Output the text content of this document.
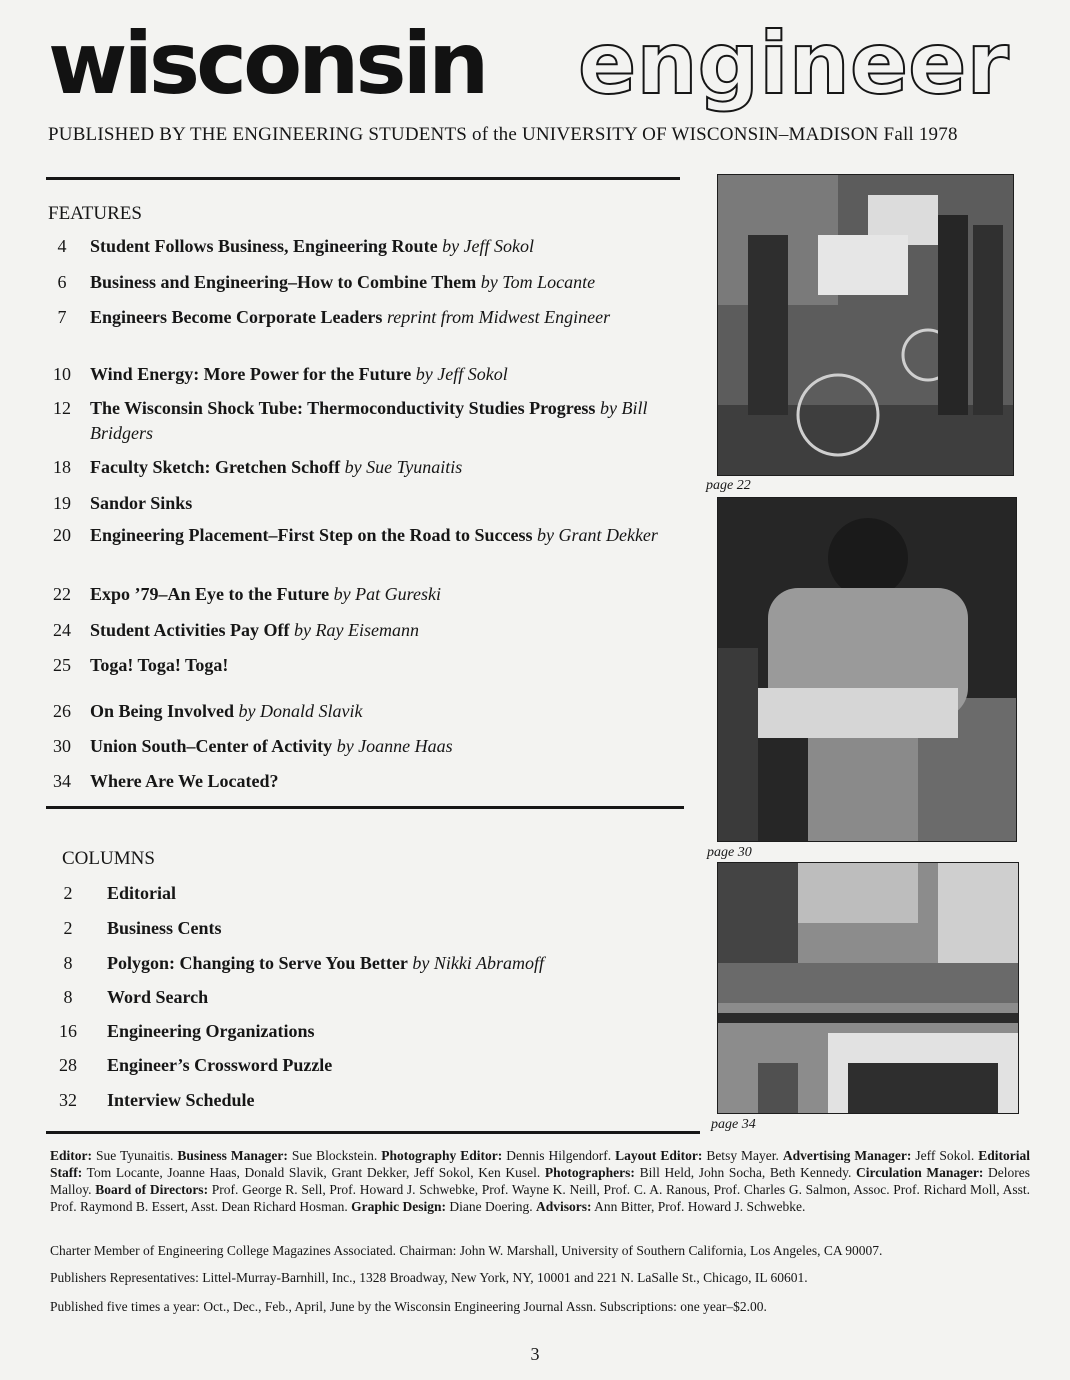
wisconsin engineer
PUBLISHED BY THE ENGINEERING STUDENTS of the UNIVERSITY OF WISCONSIN–MADISON Fall 1978
FEATURES
4	Student Follows Business, Engineering Route by Jeff Sokol
6	Business and Engineering–How to Combine Them by Tom Locante
7	Engineers Become Corporate Leaders reprint from Midwest Engineer
10	Wind Energy: More Power for the Future by Jeff Sokol
12	The Wisconsin Shock Tube: Thermoconductivity Studies Progress by Bill Bridgers
18	Faculty Sketch: Gretchen Schoff by Sue Tyunaitis
19	Sandor Sinks
20	Engineering Placement–First Step on the Road to Success by Grant Dekker
22	Expo ’79–An Eye to the Future by Pat Gureski
24	Student Activities Pay Off by Ray Eisemann
25	Toga! Toga! Toga!
26	On Being Involved by Donald Slavik
30	Union South–Center of Activity by Joanne Haas
34	Where Are We Located?
COLUMNS
2	Editorial
2	Business Cents
8	Polygon: Changing to Serve You Better by Nikki Abramoff
8	Word Search
16	Engineering Organizations
28	Engineer’s Crossword Puzzle
32	Interview Schedule
page 22
page 30
page 34
Editor: Sue Tyunaitis. Business Manager: Sue Blockstein. Photography Editor: Dennis Hilgendorf. Layout Editor: Betsy Mayer. Advertising Manager: Jeff Sokol. Editorial Staff: Tom Locante, Joanne Haas, Donald Slavik, Grant Dekker, Jeff Sokol, Ken Kusel. Photographers: Bill Held, John Socha, Beth Kennedy. Circulation Manager: Delores Malloy. Board of Directors: Prof. George R. Sell, Prof. Howard J. Schwebke, Prof. Wayne K. Neill, Prof. C. A. Ranous, Prof. Charles G. Salmon, Assoc. Prof. Richard Moll, Asst. Prof. Raymond B. Essert, Asst. Dean Richard Hosman. Graphic Design: Diane Doering. Advisors: Ann Bitter, Prof. Howard J. Schwebke.
Charter Member of Engineering College Magazines Associated. Chairman: John W. Marshall, University of Southern California, Los Angeles, CA 90007.
Publishers Representatives: Littel-Murray-Barnhill, Inc., 1328 Broadway, New York, NY, 10001 and 221 N. LaSalle St., Chicago, IL 60601.
Published five times a year: Oct., Dec., Feb., April, June by the Wisconsin Engineering Journal Assn. Subscriptions: one year–$2.00.
3
